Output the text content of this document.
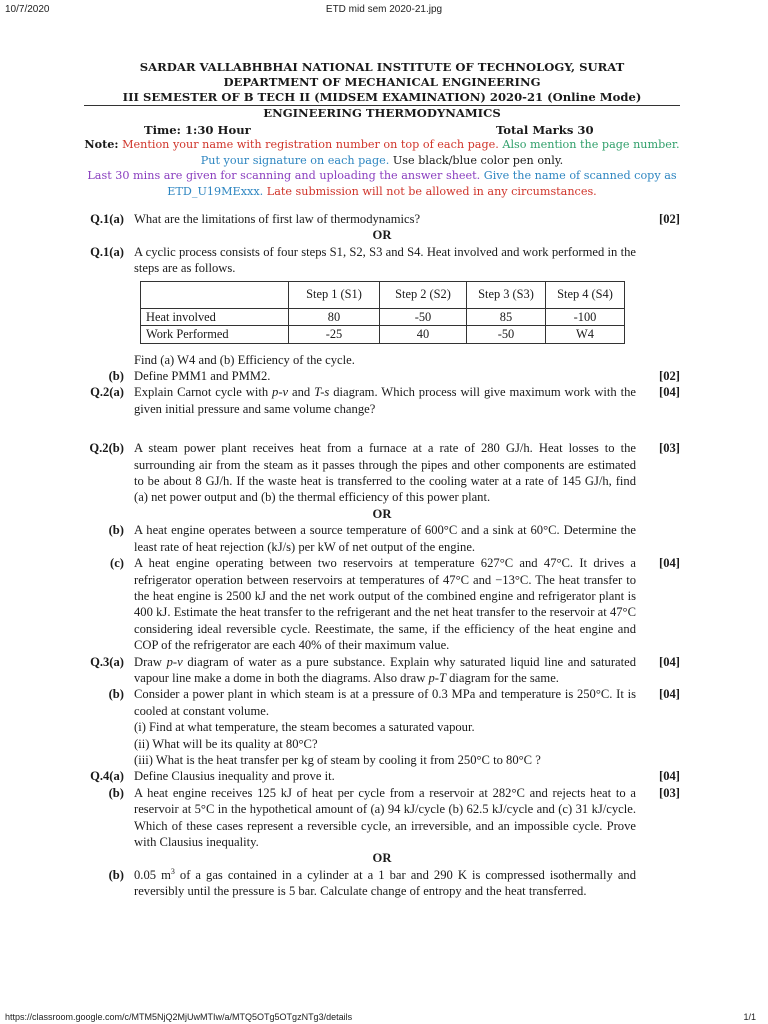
10/7/2020	ETD mid sem 2020-21.jpg
SARDAR VALLABHBHAI NATIONAL INSTITUTE OF TECHNOLOGY, SURAT
DEPARTMENT OF MECHANICAL ENGINEERING
III SEMESTER OF B TECH II (MIDSEM EXAMINATION) 2020-21 (Online Mode)
ENGINEERING THERMODYNAMICS
Time: 1:30 Hour	Total Marks 30
Note: Mention your name with registration number on top of each page. Also mention the page number. Put your signature on each page. Use black/blue color pen only.
Last 30 mins are given for scanning and uploading the answer sheet. Give the name of scanned copy as ETD_U19MExxx. Late submission will not be allowed in any circumstances.
Q.1(a) What are the limitations of first law of thermodynamics?	[02]
OR
Q.1(a) A cyclic process consists of four steps S1, S2, S3 and S4. Heat involved and work performed in the steps are as follows.
	Step 1 (S1)	Step 2 (S2)	Step 3 (S3)	Step 4 (S4)
Heat involved	80	-50	85	-100
Work Performed	-25	40	-50	W4
Find (a) W4 and (b) Efficiency of the cycle.
(b) Define PMM1 and PMM2.	[02]
Q.2(a) Explain Carnot cycle with p-v and T-s diagram. Which process will give maximum work with the given initial pressure and same volume change?
[04]
Q.2(b) A steam power plant receives heat from a furnace at a rate of 280 GJ/h. Heat losses to the surrounding air from the steam as it passes through the pipes and other components are estimated to be about 8 GJ/h. If the waste heat is transferred to the cooling water at a rate of 145 GJ/h, find (a) net power output and (b) the thermal efficiency of this power plant.
[03]
OR
(b) A heat engine operates between a source temperature of 600°C and a sink at 60°C. Determine the least rate of heat rejection (kJ/s) per kW of net output of the engine.
(c) A heat engine operating between two reservoirs at temperature 627°C and 47°C. It drives a refrigerator operation between reservoirs at temperatures of 47°C and −13°C. The heat transfer to the heat engine is 2500 kJ and the net work output of the combined engine and refrigerator plant is 400 kJ. Estimate the heat transfer to the refrigerant and the net heat transfer to the reservoir at 47°C considering ideal reversible cycle. Reestimate, the same, if the efficiency of the heat engine and COP of the refrigerator are each 40% of their maximum value.
[04]
Q.3(a) Draw p-v diagram of water as a pure substance. Explain why saturated liquid line and saturated vapour line make a dome in both the diagrams. Also draw p-T diagram for the same.
[04]
(b) Consider a power plant in which steam is at a pressure of 0.3 MPa and temperature is 250°C. It is cooled at constant volume.
(i) Find at what temperature, the steam becomes a saturated vapour.
(ii) What will be its quality at 80°C?
(iii) What is the heat transfer per kg of steam by cooling it from 250°C to 80°C ?
[04]
Q.4(a) Define Clausius inequality and prove it.	[04]
(b) A heat engine receives 125 kJ of heat per cycle from a reservoir at 282°C and rejects heat to a reservoir at 5°C in the hypothetical amount of (a) 94 kJ/cycle (b) 62.5 kJ/cycle and (c) 31 kJ/cycle. Which of these cases represent a reversible cycle, an irreversible, and an impossible cycle. Prove with Clausius inequality.
[03]
OR
(b) 0.05 $m^3$ of a gas contained in a cylinder at a 1 bar and 290 K is compressed isothermally and reversibly until the pressure is 5 bar. Calculate change of entropy and the heat transferred.
https://classroom.google.com/c/MTM5NjQ2MjUwMTIw/a/MTQ5OTg5OTgzNTg3/details	1/1
